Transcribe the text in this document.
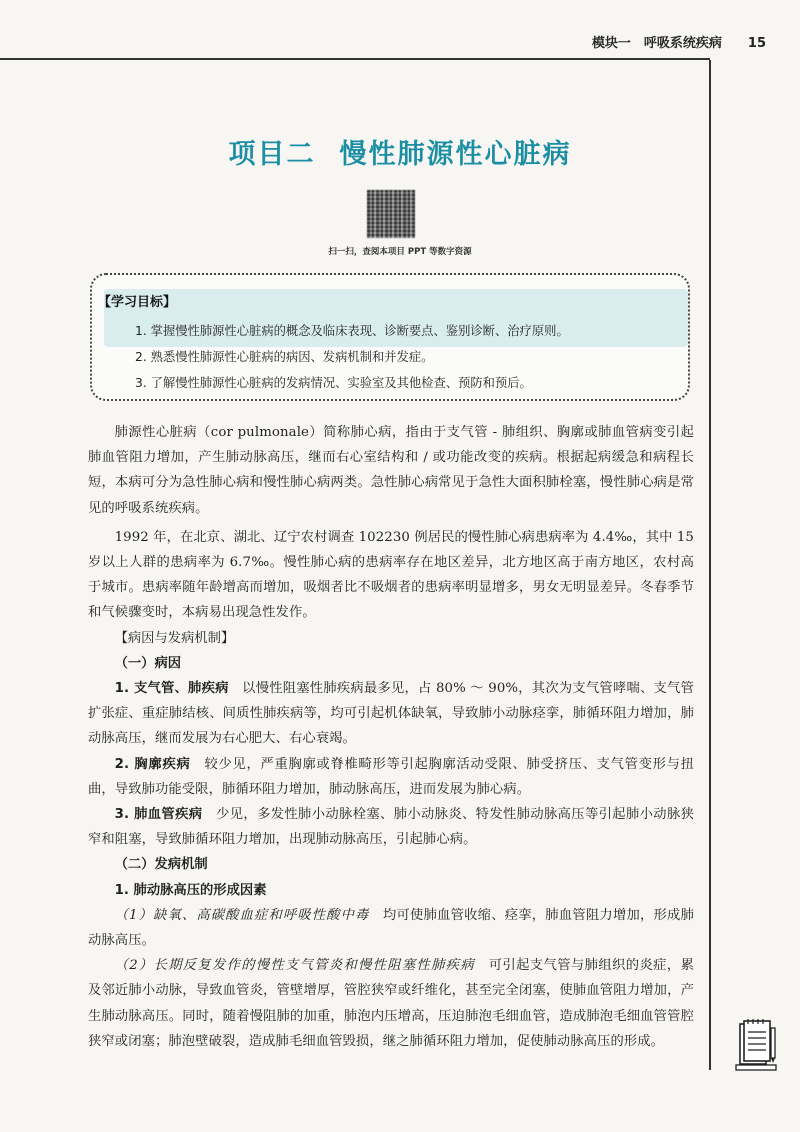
模块一　呼吸系统疾病 15
项目二 慢性肺源性心脏病
扫一扫，查阅本项目 PPT 等数字资源
【学习目标】
1. 掌握慢性肺源性心脏病的概念及临床表现、诊断要点、鉴别诊断、治疗原则。
2. 熟悉慢性肺源性心脏病的病因、发病机制和并发症。
3. 了解慢性肺源性心脏病的发病情况、实验室及其他检查、预防和预后。

肺源性心脏病（cor pulmonale）简称肺心病，指由于支气管 - 肺组织、胸廓或肺血管病变引起肺血管阻力增加，产生肺动脉高压，继而右心室结构和 / 或功能改变的疾病。根据起病缓急和病程长短，本病可分为急性肺心病和慢性肺心病两类。急性肺心病常见于急性大面积肺栓塞，慢性肺心病是常见的呼吸系统疾病。

1992 年，在北京、湖北、辽宁农村调查 102230 例居民的慢性肺心病患病率为 4.4‰，其中 15 岁以上人群的患病率为 6.7‰。慢性肺心病的患病率存在地区差异，北方地区高于南方地区，农村高于城市。患病率随年龄增高而增加，吸烟者比不吸烟者的患病率明显增多，男女无明显差异。冬春季节和气候骤变时，本病易出现急性发作。

【病因与发病机制】

（一）病因

1. 支气管、肺疾病　 以慢性阻塞性肺疾病最多见，占 80% ～ 90%，其次为支气管哮喘、支气管扩张症、重症肺结核、间质性肺疾病等，均可引起机体缺氧，导致肺小动脉痉挛，肺循环阻力增加，肺动脉高压，继而发展为右心肥大、右心衰竭。

2. 胸廓疾病　 较少见，严重胸廓或脊椎畸形等引起胸廓活动受限、肺受挤压、支气管变形与扭曲，导致肺功能受限，肺循环阻力增加，肺动脉高压，进而发展为肺心病。

3. 肺血管疾病　 少见，多发性肺小动脉栓塞、肺小动脉炎、特发性肺动脉高压等引起肺小动脉狭窄和阻塞，导致肺循环阻力增加，出现肺动脉高压，引起肺心病。

（二）发病机制

1. 肺动脉高压的形成因素

（1）缺氧、高碳酸血症和呼吸性酸中毒　 均可使肺血管收缩、痉挛，肺血管阻力增加，形成肺动脉高压。

（2）长期反复发作的慢性支气管炎和慢性阻塞性肺疾病　 可引起支气管与肺组织的炎症，累及邻近肺小动脉，导致血管炎，管壁增厚，管腔狭窄或纤维化，甚至完全闭塞，使肺血管阻力增加，产生肺动脉高压。同时，随着慢阻肺的加重，肺泡内压增高，压迫肺泡毛细血管，造成肺泡毛细血管管腔狭窄或闭塞；肺泡壁破裂，造成肺毛细血管毁损，继之肺循环阻力增加，促使肺动脉高压的形成。
